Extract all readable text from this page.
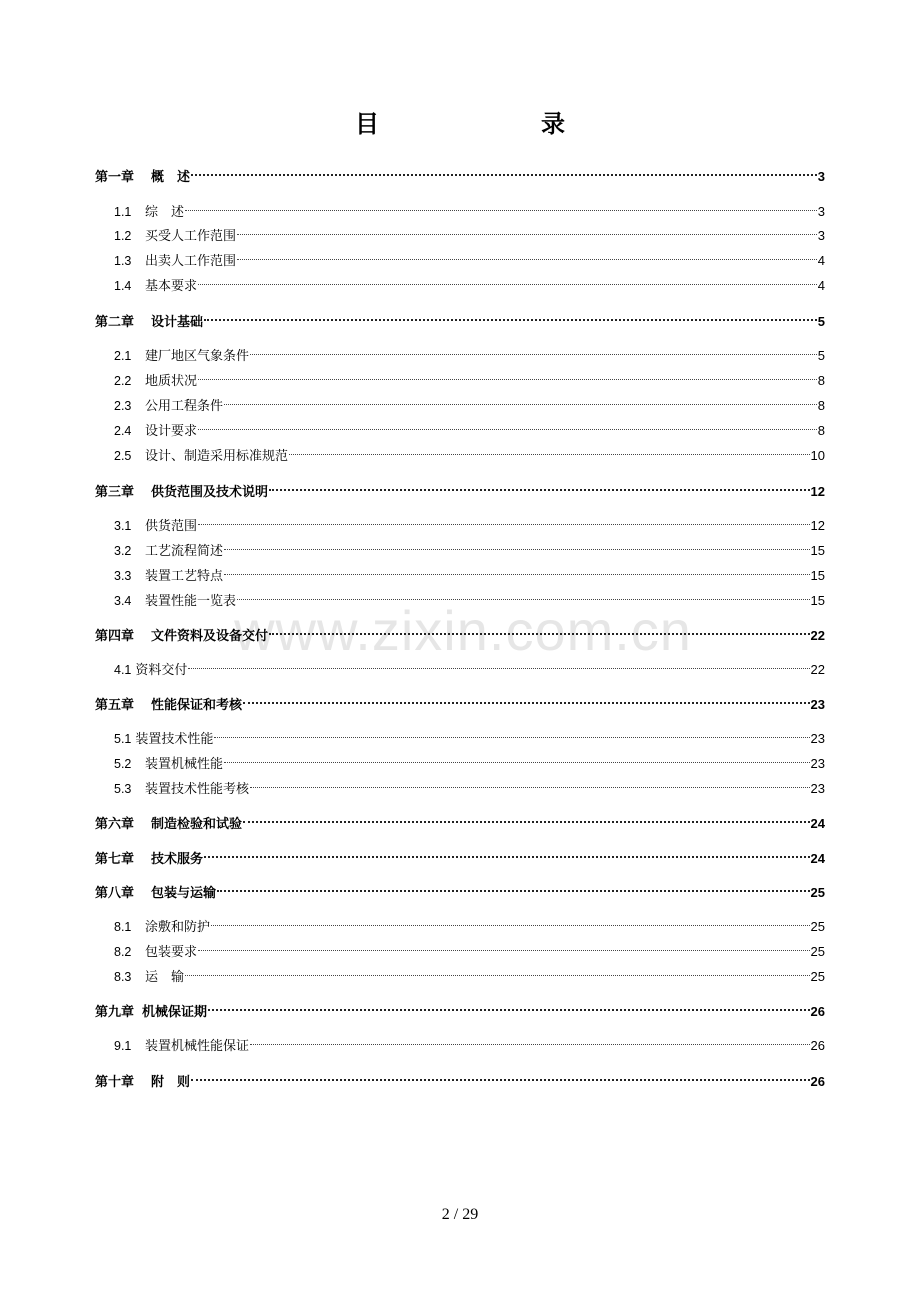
目　　录
www.zixin.com.cn
第一章 概　述	3
1.1	综　述	3
1.2	买受人工作范围	3
1.3	出卖人工作范围	4
1.4	基本要求	4
第二章 设计基础	5
2.1	建厂地区气象条件	5
2.2	地质状况	8
2.3	公用工程条件	8
2.4	设计要求	8
2.5	设计、制造采用标准规范	10
第三章 供货范围及技术说明	12
3.1	供货范围	12
3.2	工艺流程简述	15
3.3	装置工艺特点	15
3.4	装置性能一览表	15
第四章 文件资料及设备交付	22
4.1 资料交付	22
第五章 性能保证和考核	23
5.1 装置技术性能	23
5.2	装置机械性能	23
5.3	装置技术性能考核	23
第六章 制造检验和试验	24
第七章 技术服务	24
第八章 包装与运输	25
8.1	涂敷和防护	25
8.2	包装要求	25
8.3	运　输	25
第九章 机械保证期	26
9.1	装置机械性能保证	26
第十章 附　则	26
2 / 29
